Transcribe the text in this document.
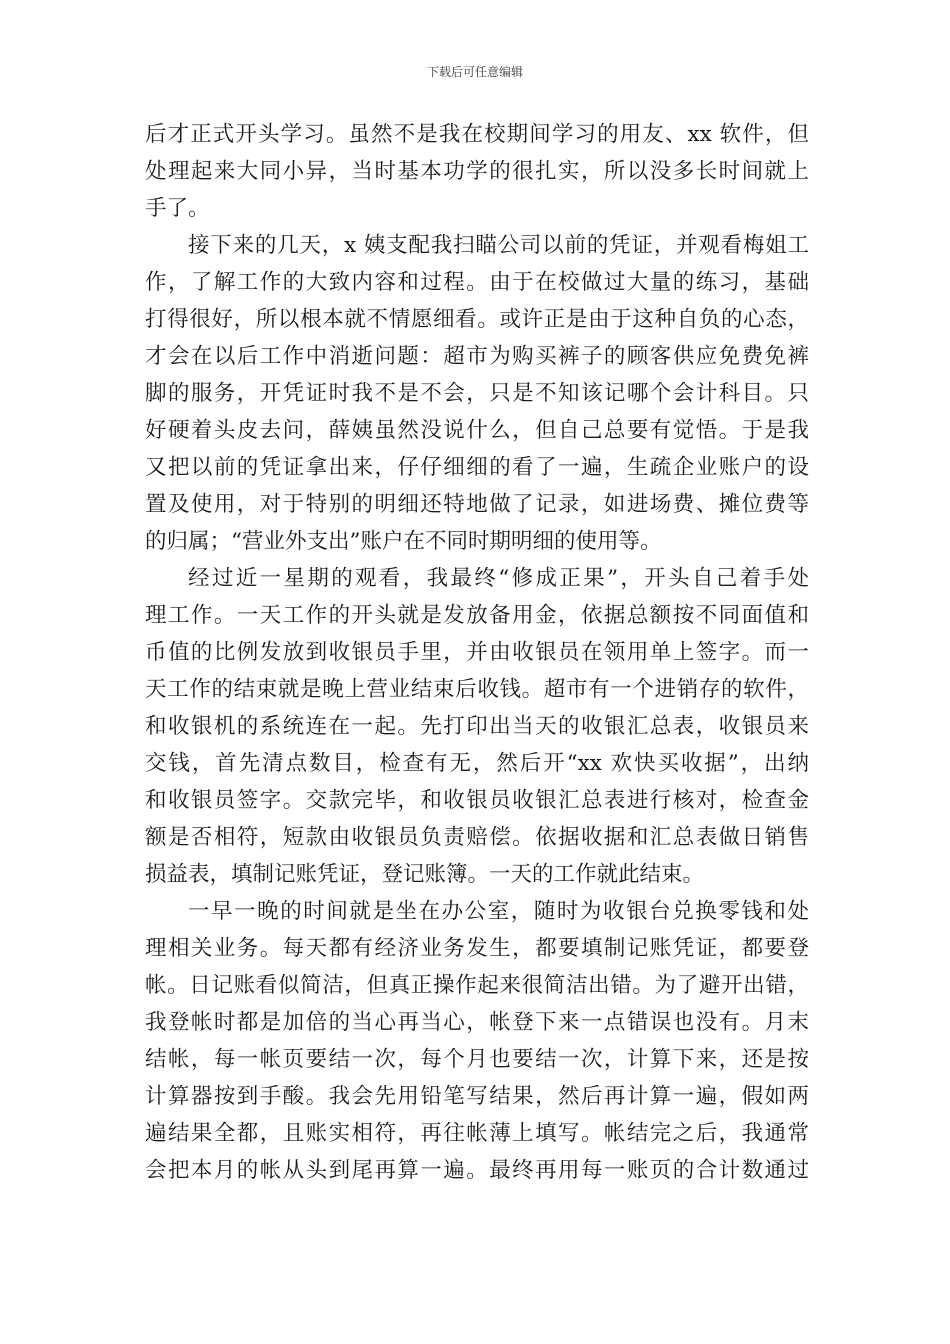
下载后可任意编辑
后才正式开头学习。虽然不是我在校期间学习的用友、xx 软件，但
处理起来大同小异，当时基本功学的很扎实，所以没多长时间就上
手了。
接下来的几天，x 姨支配我扫瞄公司以前的凭证，并观看梅姐工
作，了解工作的大致内容和过程。由于在校做过大量的练习，基础
打得很好，所以根本就不情愿细看。或许正是由于这种自负的心态，
才会在以后工作中消逝问题：超市为购买裤子的顾客供应免费免裤
脚的服务，开凭证时我不是不会，只是不知该记哪个会计科目。只
好硬着头皮去问，薛姨虽然没说什么，但自己总要有觉悟。于是我
又把以前的凭证拿出来，仔仔细细的看了一遍，生疏企业账户的设
置及使用，对于特别的明细还特地做了记录，如进场费、摊位费等
的归属；“营业外支出”账户在不同时期明细的使用等。
经过近一星期的观看，我最终“修成正果”，开头自己着手处
理工作。一天工作的开头就是发放备用金，依据总额按不同面值和
币值的比例发放到收银员手里，并由收银员在领用单上签字。而一
天工作的结束就是晚上营业结束后收钱。超市有一个进销存的软件，
和收银机的系统连在一起。先打印出当天的收银汇总表，收银员来
交钱，首先清点数目，检查有无，然后开“xx 欢快买收据”，出纳
和收银员签字。交款完毕，和收银员收银汇总表进行核对，检查金
额是否相符，短款由收银员负责赔偿。依据收据和汇总表做日销售
损益表，填制记账凭证，登记账簿。一天的工作就此结束。
一早一晚的时间就是坐在办公室，随时为收银台兑换零钱和处
理相关业务。每天都有经济业务发生，都要填制记账凭证，都要登
帐。日记账看似简洁，但真正操作起来很简洁出错。为了避开出错，
我登帐时都是加倍的当心再当心，帐登下来一点错误也没有。月末
结帐，每一帐页要结一次，每个月也要结一次，计算下来，还是按
计算器按到手酸。我会先用铅笔写结果，然后再计算一遍，假如两
遍结果全都，且账实相符，再往帐薄上填写。帐结完之后，我通常
会把本月的帐从头到尾再算一遍。最终再用每一账页的合计数通过
